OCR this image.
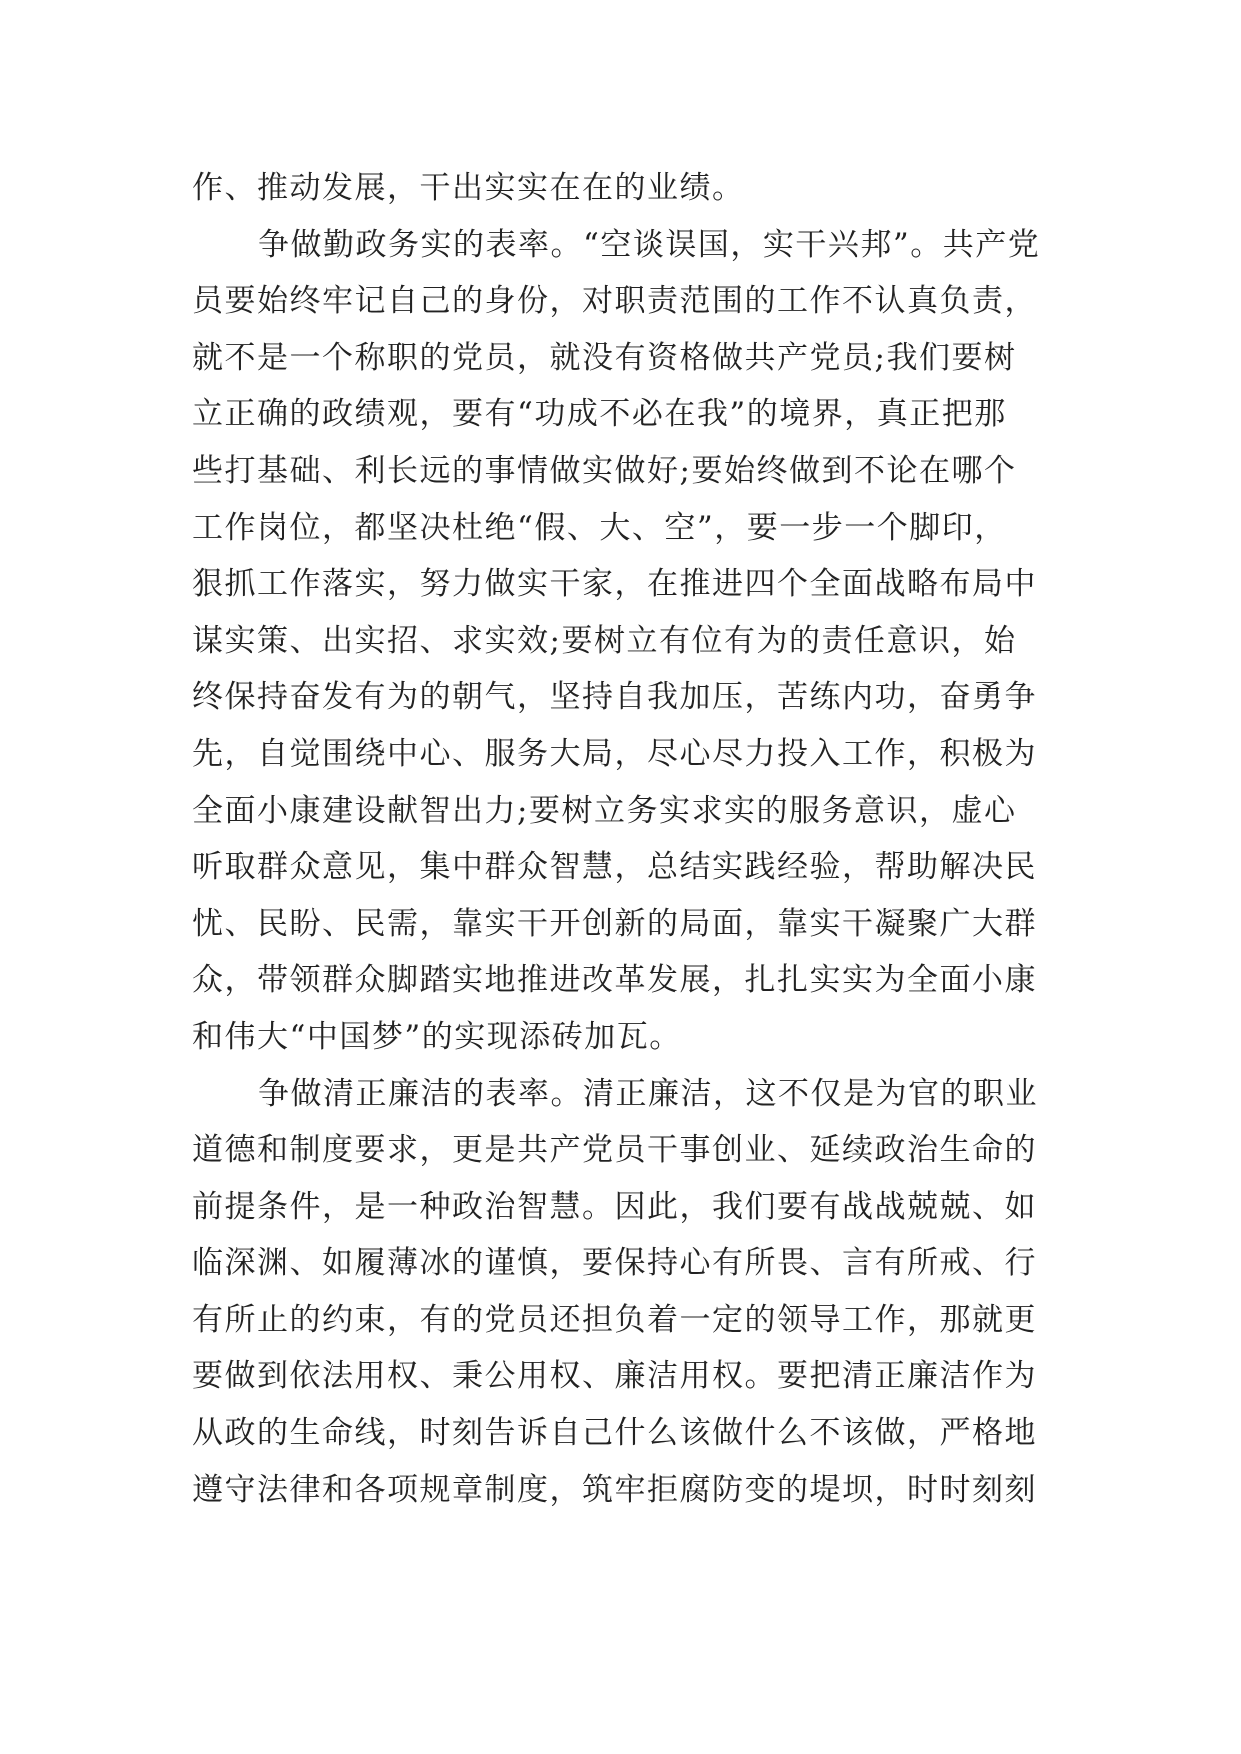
作、推动发展，干出实实在在的业绩。
争做勤政务实的表率。“空谈误国，实干兴邦”。共产党
员要始终牢记自己的身份，对职责范围的工作不认真负责，
就不是一个称职的党员，就没有资格做共产党员;我们要树
立正确的政绩观，要有“功成不必在我”的境界，真正把那
些打基础、利长远的事情做实做好;要始终做到不论在哪个
工作岗位，都坚决杜绝“假、大、空”，要一步一个脚印，
狠抓工作落实，努力做实干家，在推进四个全面战略布局中
谋实策、出实招、求实效;要树立有位有为的责任意识，始
终保持奋发有为的朝气，坚持自我加压，苦练内功，奋勇争
先，自觉围绕中心、服务大局，尽心尽力投入工作，积极为
全面小康建设献智出力;要树立务实求实的服务意识，虚心
听取群众意见，集中群众智慧，总结实践经验，帮助解决民
忧、民盼、民需，靠实干开创新的局面，靠实干凝聚广大群
众，带领群众脚踏实地推进改革发展，扎扎实实为全面小康
和伟大“中国梦”的实现添砖加瓦。
争做清正廉洁的表率。清正廉洁，这不仅是为官的职业
道德和制度要求，更是共产党员干事创业、延续政治生命的
前提条件，是一种政治智慧。因此，我们要有战战兢兢、如
临深渊、如履薄冰的谨慎，要保持心有所畏、言有所戒、行
有所止的约束，有的党员还担负着一定的领导工作，那就更
要做到依法用权、秉公用权、廉洁用权。要把清正廉洁作为
从政的生命线，时刻告诉自己什么该做什么不该做，严格地
遵守法律和各项规章制度，筑牢拒腐防变的堤坝，时时刻刻
